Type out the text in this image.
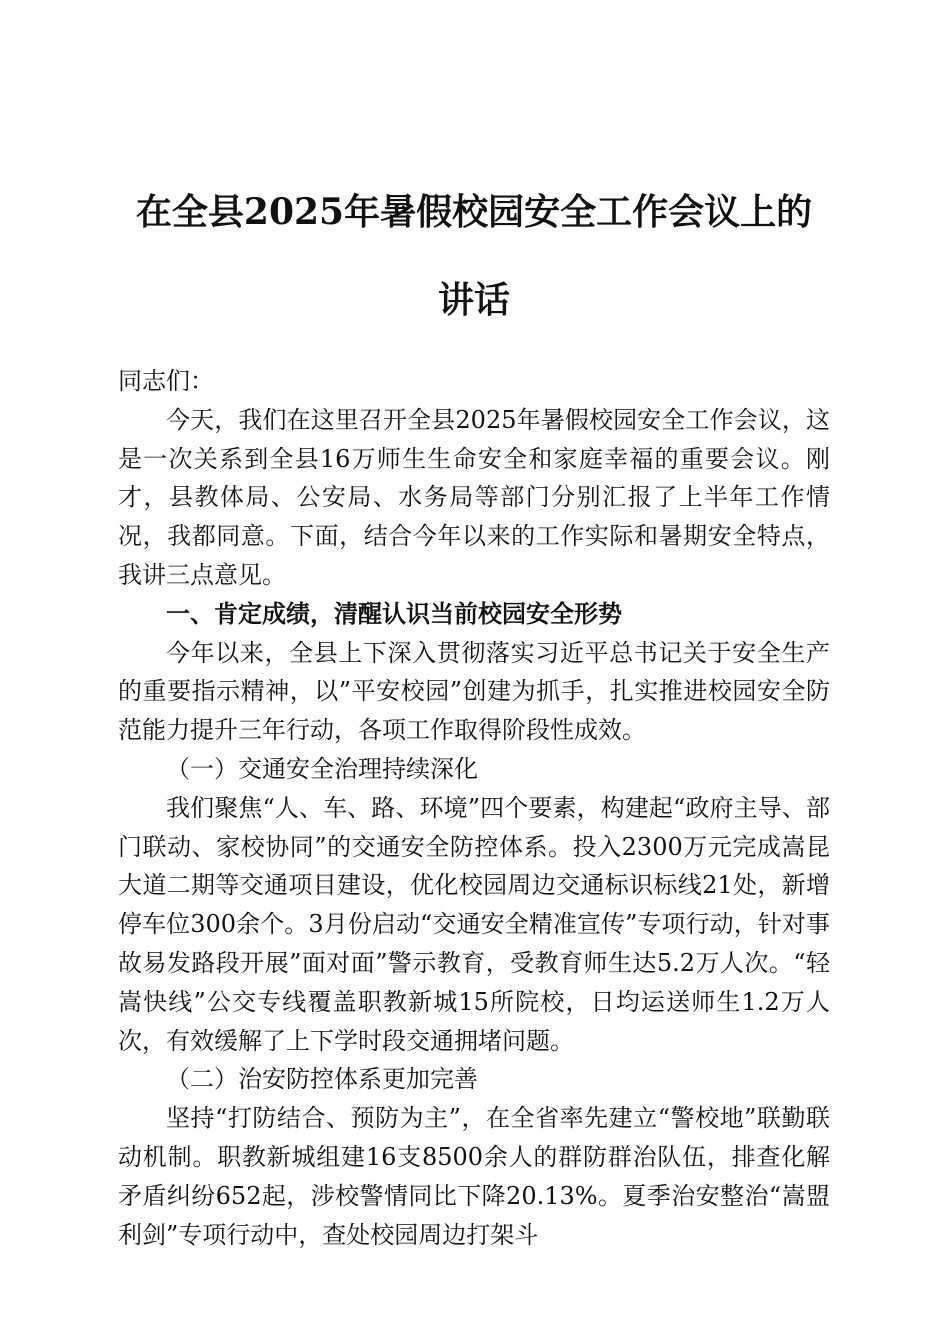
在全县2025年暑假校园安全工作会议上的讲话

同志们：

今天，我们在这里召开全县2025年暑假校园安全工作会议，这是一次关系到全县16万师生生命安全和家庭幸福的重要会议。刚才，县教体局、公安局、水务局等部门分别汇报了上半年工作情况，我都同意。下面，结合今年以来的工作实际和暑期安全特点，我讲三点意见。

一、肯定成绩，清醒认识当前校园安全形势

今年以来，全县上下深入贯彻落实习近平总书记关于安全生产的重要指示精神，以”平安校园”创建为抓手，扎实推进校园安全防范能力提升三年行动，各项工作取得阶段性成效。

（一）交通安全治理持续深化

我们聚焦“人、车、路、环境”四个要素，构建起“政府主导、部门联动、家校协同”的交通安全防控体系。投入2300万元完成嵩昆大道二期等交通项目建设，优化校园周边交通标识标线21处，新增停车位300余个。3月份启动“交通安全精准宣传”专项行动，针对事故易发路段开展”面对面”警示教育，受教育师生达5.2万人次。“轻嵩快线”公交专线覆盖职教新城15所院校，日均运送师生1.2万人次，有效缓解了上下学时段交通拥堵问题。

（二）治安防控体系更加完善

坚持“打防结合、预防为主”，在全省率先建立“警校地”联勤联动机制。职教新城组建16支8500余人的群防群治队伍，排查化解矛盾纠纷652起，涉校警情同比下降20.13%。夏季治安整治“嵩盟利剑”专项行动中，查处校园周边打架斗
